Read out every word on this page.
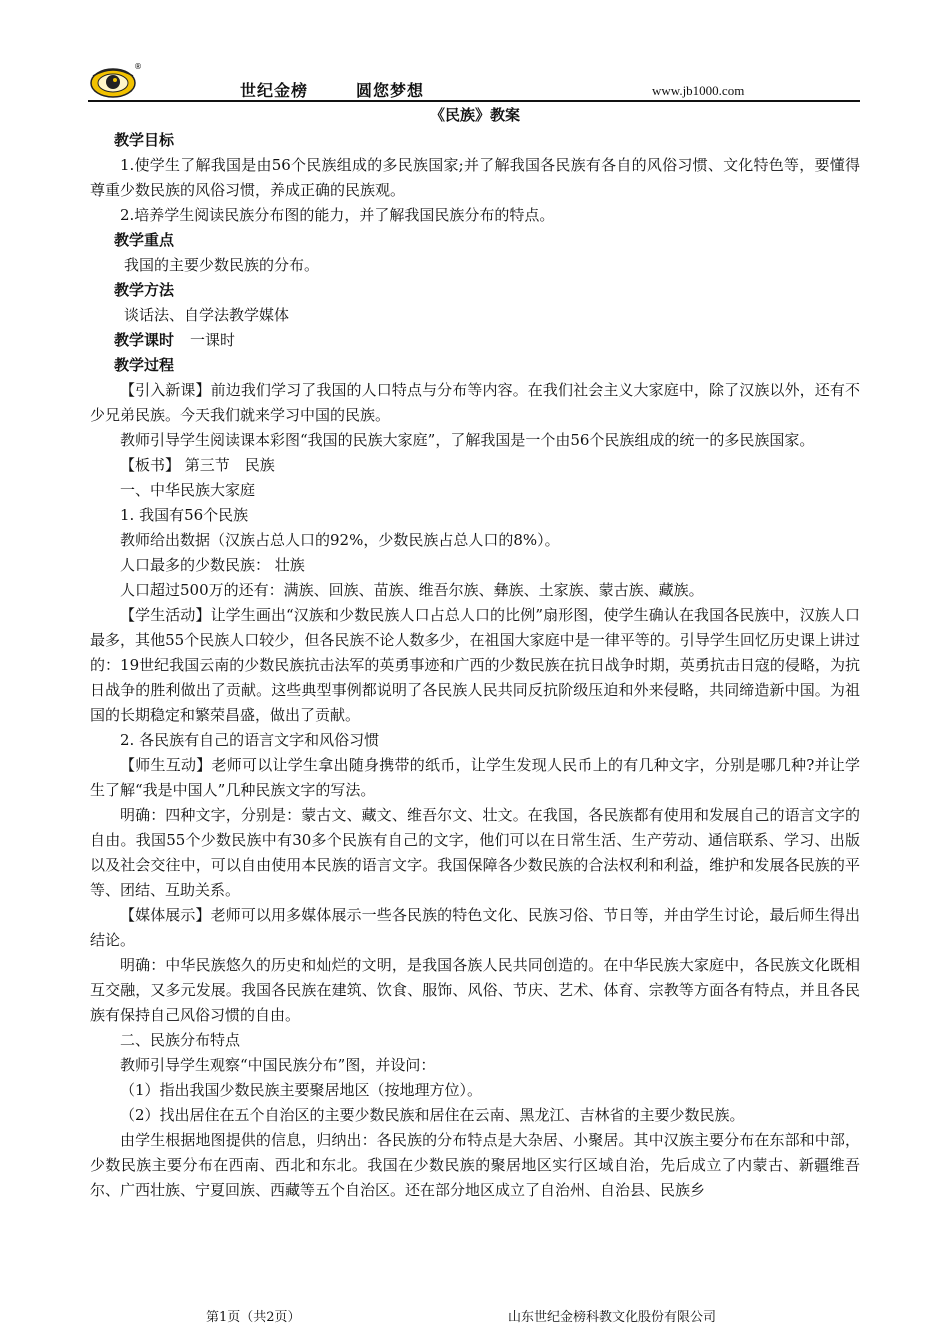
®
世纪金榜	圆您梦想	www.jb1000.com

《民族》教案

教学目标

1.使学生了解我国是由56个民族组成的多民族国家;并了解我国各民族有各自的风俗习惯、文化特色等，要懂得尊重少数民族的风俗习惯，养成正确的民族观。

2.培养学生阅读民族分布图的能力，并了解我国民族分布的特点。

教学重点

我国的主要少数民族的分布。

教学方法

谈话法、自学法教学媒体

教学课时 一课时

教学过程

【引入新课】前边我们学习了我国的人口特点与分布等内容。在我们社会主义大家庭中，除了汉族以外，还有不少兄弟民族。今天我们就来学习中国的民族。

教师引导学生阅读课本彩图“我国的民族大家庭”，了解我国是一个由56个民族组成的统一的多民族国家。

【板书】 第三节　民族

一、中华民族大家庭

1. 我国有56个民族

教师给出数据（汉族占总人口的92%，少数民族占总人口的8%）。

人口最多的少数民族： 壮族

人口超过500万的还有：满族、回族、苗族、维吾尔族、彝族、土家族、蒙古族、藏族。

【学生活动】让学生画出“汉族和少数民族人口占总人口的比例”扇形图，使学生确认在我国各民族中，汉族人口最多，其他55个民族人口较少，但各民族不论人数多少，在祖国大家庭中是一律平等的。引导学生回忆历史课上讲过的：19世纪我国云南的少数民族抗击法军的英勇事迹和广西的少数民族在抗日战争时期，英勇抗击日寇的侵略，为抗日战争的胜利做出了贡献。这些典型事例都说明了各民族人民共同反抗阶级压迫和外来侵略，共同缔造新中国。为祖国的长期稳定和繁荣昌盛，做出了贡献。

2. 各民族有自己的语言文字和风俗习惯

【师生互动】老师可以让学生拿出随身携带的纸币，让学生发现人民币上的有几种文字，分别是哪几种?并让学生了解“我是中国人”几种民族文字的写法。

明确：四种文字，分别是：蒙古文、藏文、维吾尔文、壮文。在我国，各民族都有使用和发展自己的语言文字的自由。我国55个少数民族中有30多个民族有自己的文字，他们可以在日常生活、生产劳动、通信联系、学习、出版以及社会交往中，可以自由使用本民族的语言文字。我国保障各少数民族的合法权利和利益，维护和发展各民族的平等、团结、互助关系。

【媒体展示】老师可以用多媒体展示一些各民族的特色文化、民族习俗、节日等，并由学生讨论，最后师生得出结论。

明确：中华民族悠久的历史和灿烂的文明，是我国各族人民共同创造的。在中华民族大家庭中，各民族文化既相互交融，又多元发展。我国各民族在建筑、饮食、服饰、风俗、节庆、艺术、体育、宗教等方面各有特点，并且各民族有保持自己风俗习惯的自由。

二、民族分布特点

教师引导学生观察“中国民族分布”图，并设问：

（1）指出我国少数民族主要聚居地区（按地理方位）。

（2）找出居住在五个自治区的主要少数民族和居住在云南、黑龙江、吉林省的主要少数民族。

由学生根据地图提供的信息，归纳出：各民族的分布特点是大杂居、小聚居。其中汉族主要分布在东部和中部，少数民族主要分布在西南、西北和东北。我国在少数民族的聚居地区实行区域自治，先后成立了内蒙古、新疆维吾尔、广西壮族、宁夏回族、西藏等五个自治区。还在部分地区成立了自治州、自治县、民族乡

第1页（共2页）	山东世纪金榜科教文化股份有限公司
